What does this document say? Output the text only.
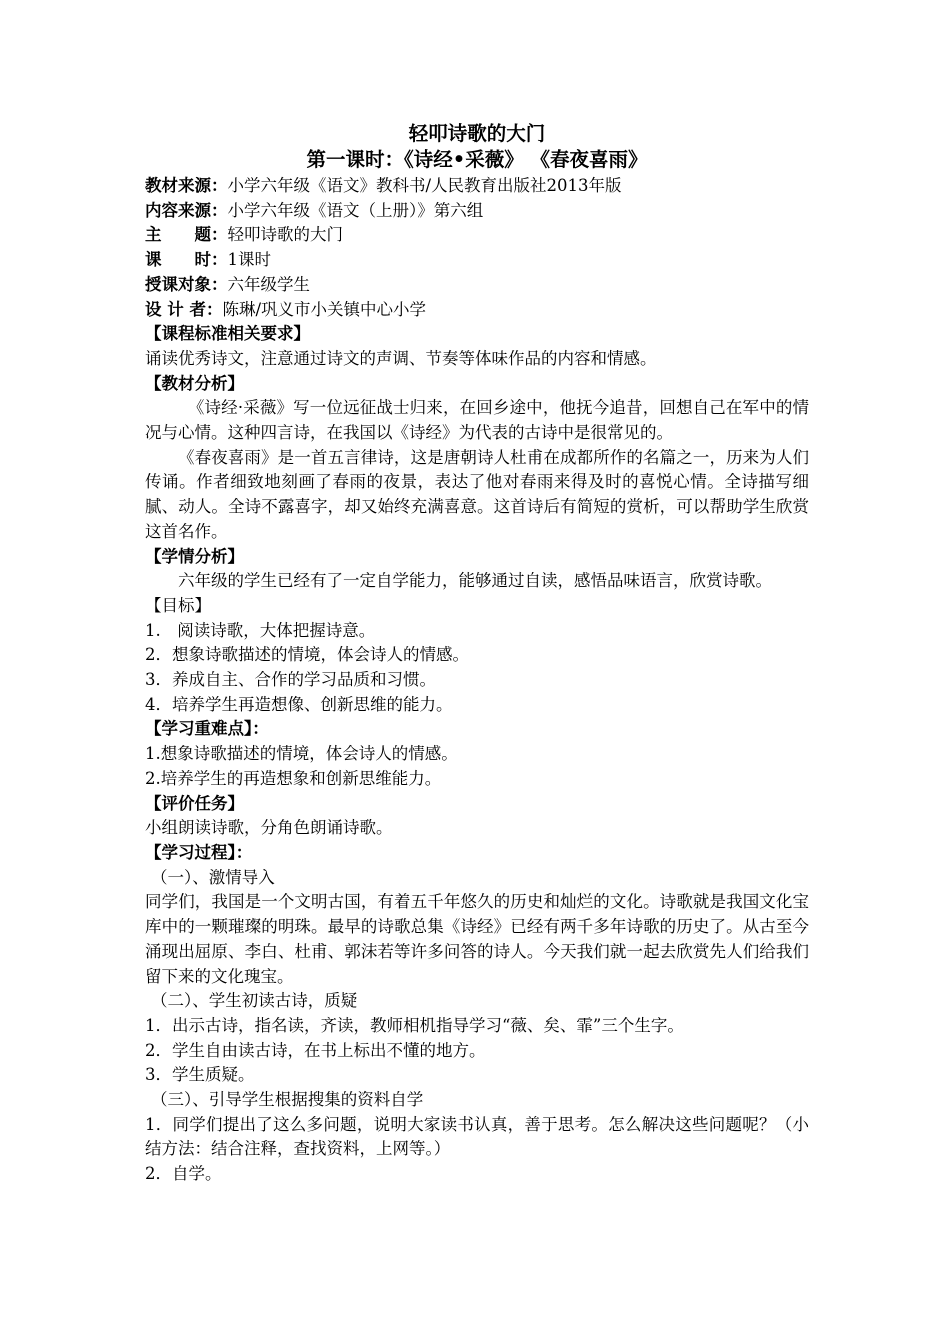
轻叩诗歌的大门
第一课时：《诗经•采薇》 《春夜喜雨》

教材来源：小学六年级《语文》教科书/人民教育出版社2013年版

内容来源：小学六年级《语文（上册）》第六组

主　　题：轻叩诗歌的大门

课　　时：1课时

授课对象：六年级学生

设 计 者：陈琳/巩义市小关镇中心小学

【课程标准相关要求】

诵读优秀诗文，注意通过诗文的声调、节奏等体味作品的内容和情感。

【教材分析】

《诗经·采薇》写一位远征战士归来，在回乡途中，他抚今追昔，回想自己在军中的情况与心情。这种四言诗，在我国以《诗经》为代表的古诗中是很常见的。

《春夜喜雨》是一首五言律诗，这是唐朝诗人杜甫在成都所作的名篇之一，历来为人们传诵。作者细致地刻画了春雨的夜景，表达了他对春雨来得及时的喜悦心情。全诗描写细腻、动人。全诗不露喜字，却又始终充满喜意。这首诗后有简短的赏析，可以帮助学生欣赏这首名作。

【学情分析】

六年级的学生已经有了一定自学能力，能够通过自读，感悟品味语言，欣赏诗歌。

【目标】

1.　阅读诗歌，大体把握诗意。

2．想象诗歌描述的情境，体会诗人的情感。

3．养成自主、合作的学习品质和习惯。

4．培养学生再造想像、创新思维的能力。

【学习重难点】：

1.想象诗歌描述的情境，体会诗人的情感。

2.培养学生的再造想象和创新思维能力。

【评价任务】

小组朗读诗歌，分角色朗诵诗歌。

【学习过程】：

（一）、激情导入

同学们，我国是一个文明古国，有着五千年悠久的历史和灿烂的文化。诗歌就是我国文化宝库中的一颗璀璨的明珠。最早的诗歌总集《诗经》已经有两千多年诗歌的历史了。从古至今涌现出屈原、李白、杜甫、郭沫若等许多问答的诗人。今天我们就一起去欣赏先人们给我们留下来的文化瑰宝。

（二）、学生初读古诗，质疑

1．出示古诗，指名读，齐读，教师相机指导学习“薇、矣、霏”三个生字。

2．学生自由读古诗，在书上标出不懂的地方。

3．学生质疑。

（三）、引导学生根据搜集的资料自学

1．同学们提出了这么多问题，说明大家读书认真，善于思考。怎么解决这些问题呢？（小结方法：结合注释，查找资料，上网等。）

2．自学。
